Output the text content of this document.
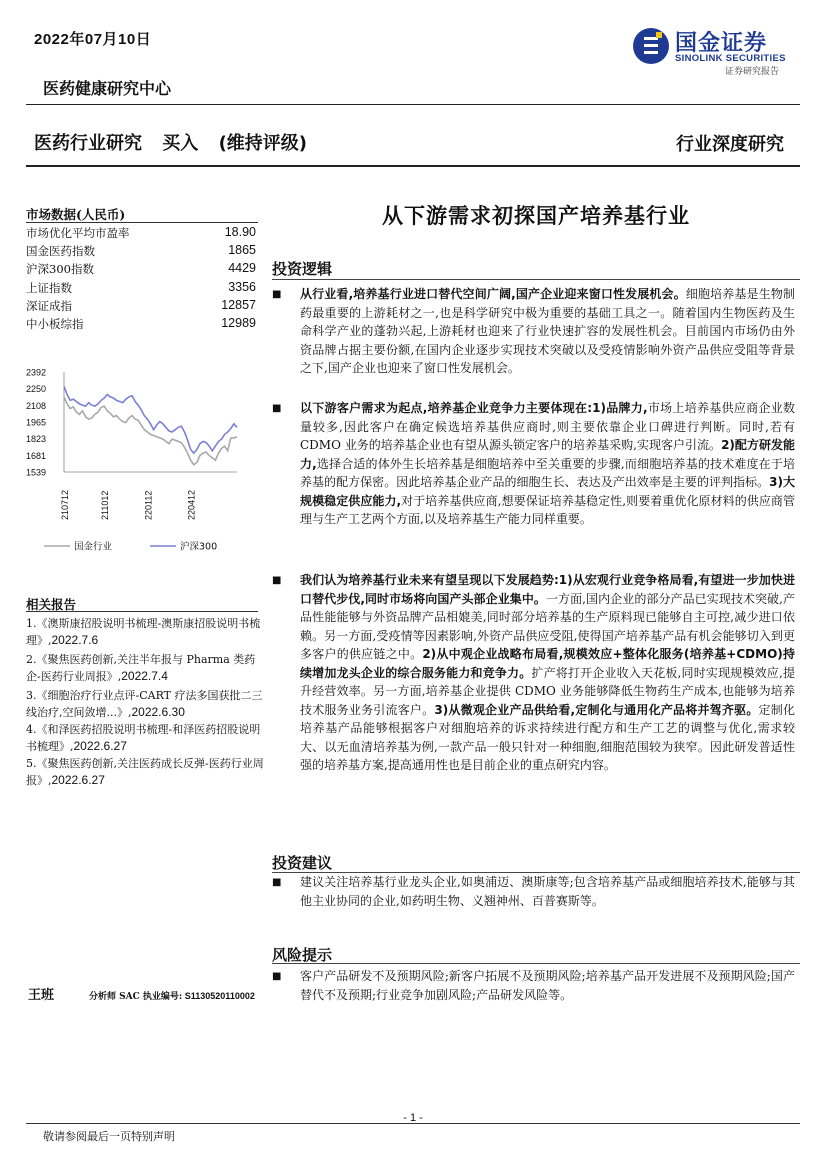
2022年07月10日	国金证券
SINOLINK SECURITIES
证券研究报告
医药健康研究中心
医药行业研究 买入 (维持评级)	行业深度研究
市场数据(人民币)
市场优化平均市盈率	18.90
国金医药指数	1865
沪深300指数	4429
上证指数	3356
深证成指	12857
中小板综指	12989
2392
2250
2108
1965
1823
1681
1539
210712	211012	220112	220412
国金行业	沪深300
相关报告
1.《澳斯康招股说明书梳理-澳斯康招股说明书梳理》,2022.7.6
2.《聚焦医药创新,关注半年报与 Pharma 类药企-医药行业周报》,2022.7.4
3.《细胞治疗行业点评-CART 疗法多国获批二三线治疗,空间敛增...》,2022.6.30
4.《和泽医药招股说明书梳理-和泽医药招股说明书梳理》,2022.6.27
5.《聚焦医药创新,关注医药成长反弹-医药行业周报》,2022.6.27
王班	分析师 SAC 执业编号: S1130520110002
从下游需求初探国产培养基行业
投资逻辑
■ 从行业看,培养基行业进口替代空间广阔,国产企业迎来窗口性发展机会。细胞培养基是生物制药最重要的上游耗材之一,也是科学研究中极为重要的基础工具之一。随着国内生物医药及生命科学产业的蓬勃兴起,上游耗材也迎来了行业快速扩容的发展性机会。目前国内市场仍由外资品牌占据主要份额,在国内企业逐步实现技术突破以及受疫情影响外资产品供应受阻等背景之下,国产企业也迎来了窗口性发展机会。
■ 以下游客户需求为起点,培养基企业竞争力主要体现在:1)品牌力,市场上培养基供应商企业数量较多,因此客户在确定候选培养基供应商时,则主要依靠企业口碑进行判断。同时,若有 CDMO 业务的培养基企业也有望从源头锁定客户的培养基采购,实现客户引流。2)配方研发能力,选择合适的体外生长培养基是细胞培养中至关重要的步骤,而细胞培养基的技术难度在于培养基的配方保密。因此培养基企业产品的细胞生长、表达及产出效率是主要的评判指标。3)大规模稳定供应能力,对于培养基供应商,想要保证培养基稳定性,则要着重优化原材料的供应商管理与生产工艺两个方面,以及培养基生产能力同样重要。
■ 我们认为培养基行业未来有望呈现以下发展趋势:1)从宏观行业竞争格局看,有望进一步加快进口替代步伐,同时市场将向国产头部企业集中。一方面,国内企业的部分产品已实现技术突破,产品性能能够与外资品牌产品相媲美,同时部分培养基的生产原料现已能够自主可控,减少进口依赖。另一方面,受疫情等因素影响,外资产品供应受阻,使得国产培养基产品有机会能够切入到更多客户的供应链之中。2)从中观企业战略布局看,规模效应+整体化服务(培养基+CDMO)持续增加龙头企业的综合服务能力和竞争力。扩产将打开企业收入天花板,同时实现规模效应,提升经营效率。另一方面,培养基企业提供 CDMO 业务能够降低生物药生产成本,也能够为培养技术服务业务引流客户。3)从微观企业产品供给看,定制化与通用化产品将并驾齐驱。定制化培养基产品能够根据客户对细胞培养的诉求持续进行配方和生产工艺的调整与优化,需求较大、以无血清培养基为例,一款产品一般只针对一种细胞,细胞范围较为狭窄。因此研发普适性强的培养基方案,提高通用性也是目前企业的重点研究内容。
投资建议
■ 建议关注培养基行业龙头企业,如奥浦迈、澳斯康等;包含培养基产品或细胞培养技术,能够与其他主业协同的企业,如药明生物、义翘神州、百普赛斯等。
风险提示
■ 客户产品研发不及预期风险;新客户拓展不及预期风险;培养基产品开发进展不及预期风险;国产替代不及预期;行业竞争加剧风险;产品研发风险等。
- 1 -
敬请参阅最后一页特别声明
